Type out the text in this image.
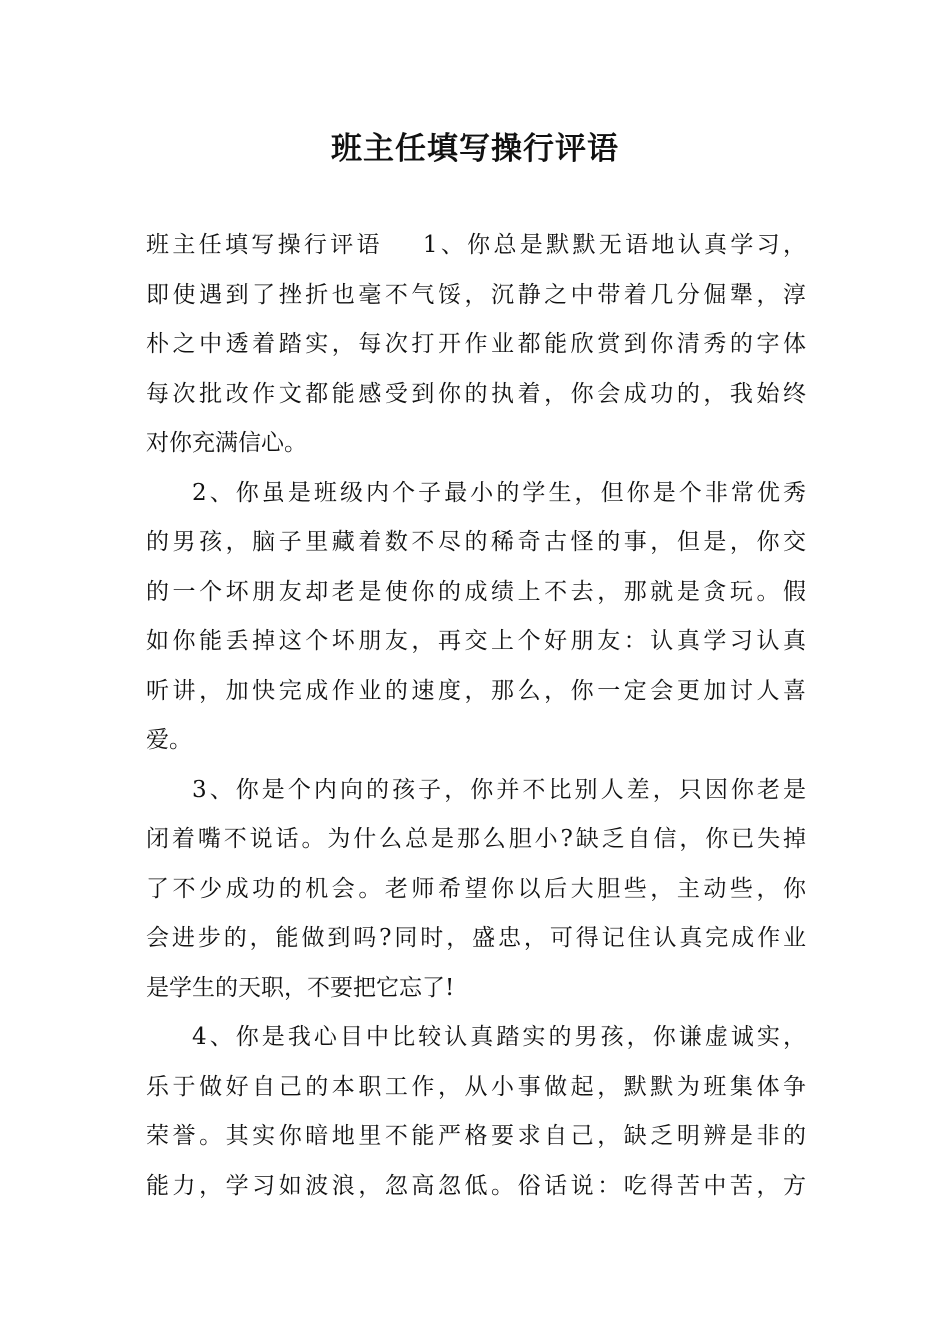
班主任填写操行评语
班主任填写操行评语 1、你总是默默无语地认真学习，
即使遇到了挫折也毫不气馁，沉静之中带着几分倔犟，淳
朴之中透着踏实，每次打开作业都能欣赏到你清秀的字体
每次批改作文都能感受到你的执着，你会成功的，我始终
对你充满信心。
2、你虽是班级内个子最小的学生，但你是个非常优秀
的男孩，脑子里藏着数不尽的稀奇古怪的事，但是，你交
的一个坏朋友却老是使你的成绩上不去，那就是贪玩。假
如你能丢掉这个坏朋友，再交上个好朋友：认真学习认真
听讲，加快完成作业的速度，那么，你一定会更加讨人喜
爱。
3、你是个内向的孩子，你并不比别人差，只因你老是
闭着嘴不说话。为什么总是那么胆小?缺乏自信，你已失掉
了不少成功的机会。老师希望你以后大胆些，主动些，你
会进步的，能做到吗?同时，盛忠，可得记住认真完成作业
是学生的天职，不要把它忘了!
4、你是我心目中比较认真踏实的男孩，你谦虚诚实，
乐于做好自己的本职工作，从小事做起，默默为班集体争
荣誉。其实你暗地里不能严格要求自己，缺乏明辨是非的
能力，学习如波浪，忽高忽低。俗话说：吃得苦中苦，方
